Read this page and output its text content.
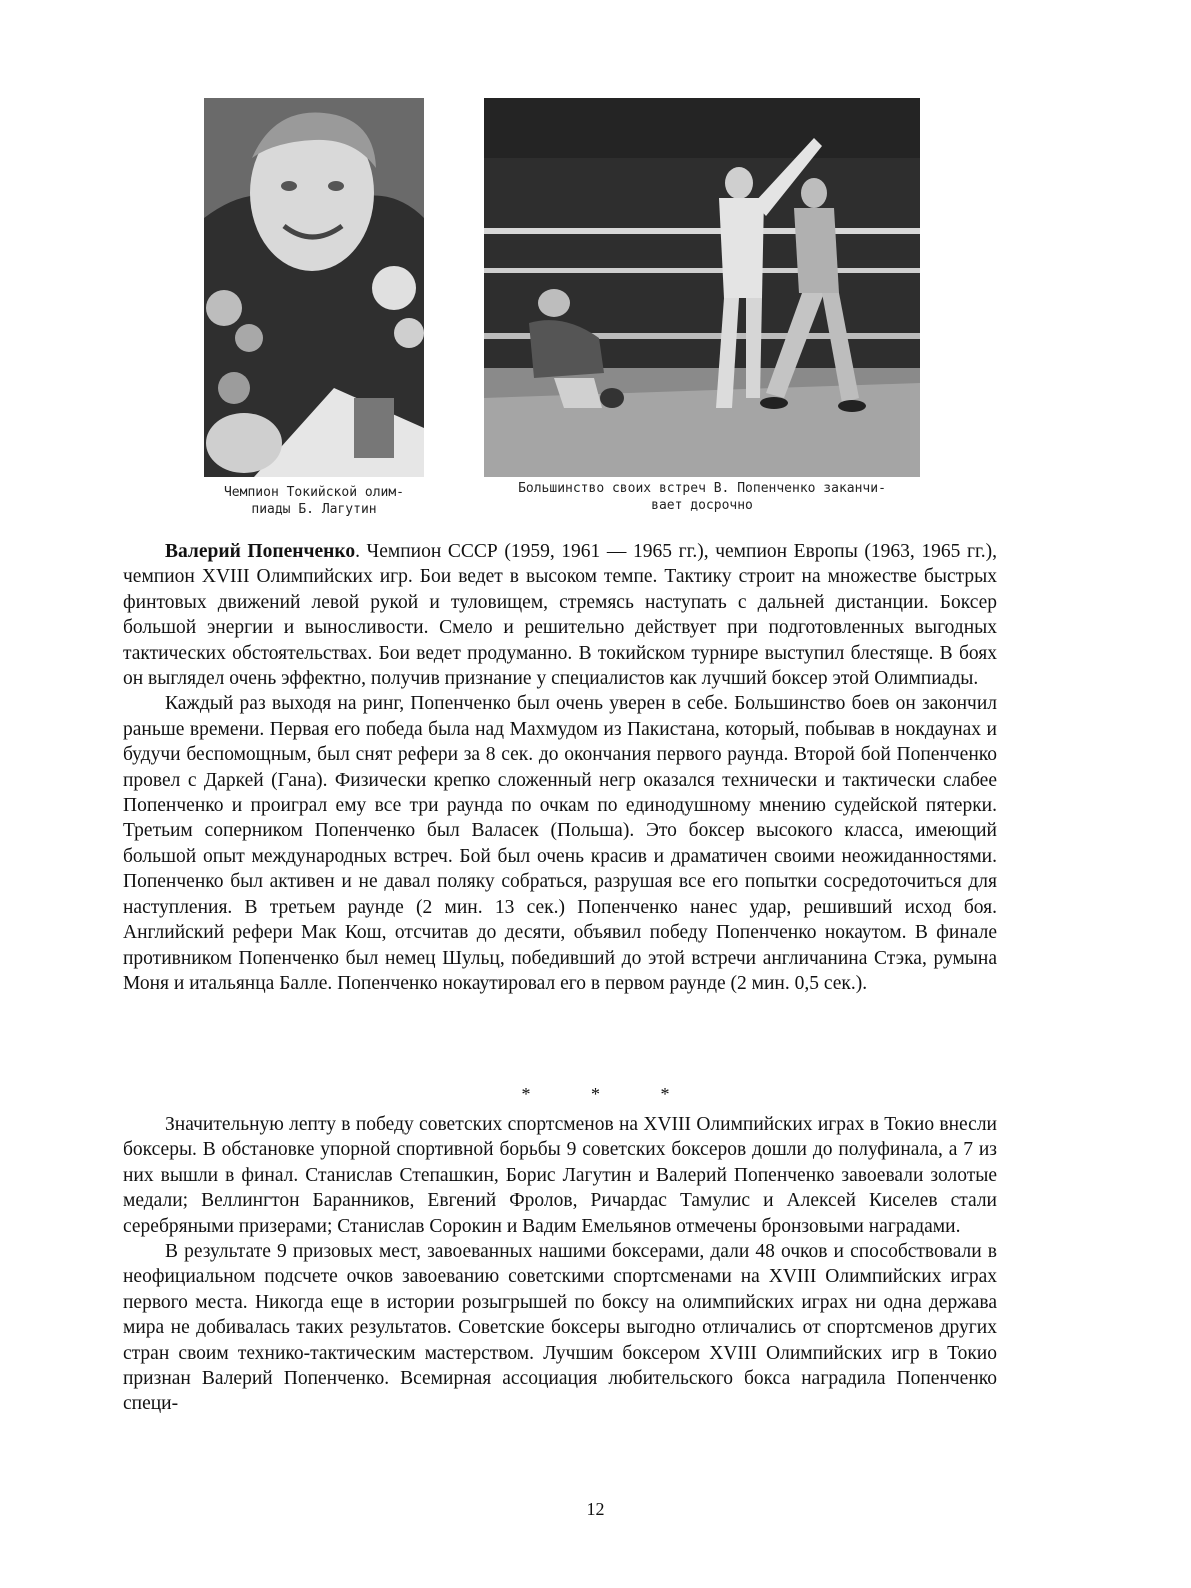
Чемпион Токийской олим-
пиады Б. Лагутин
Большинство своих встреч В. Попенченко заканчи-
вает досрочно

Валерий Попенченко. Чемпион СССР (1959, 1961 — 1965 гг.), чемпион Европы (1963, 1965 гг.), чемпион XVIII Олимпийских игр. Бои ведет в высоком темпе. Тактику строит на множестве быстрых финтовых движений левой рукой и туловищем, стремясь наступать с дальней дистанции. Боксер большой энергии и выносливости. Смело и решительно действует при подготовленных выгодных тактических обстоятельствах. Бои ведет продуманно. В токийском турнире выступил блестяще. В боях он выглядел очень эффектно, получив признание у специалистов как лучший боксер этой Олимпиады.

Каждый раз выходя на ринг, Попенченко был очень уверен в себе. Большинство боев он закончил раньше времени. Первая его победа была над Махмудом из Пакистана, который, побывав в нокдаунах и будучи беспомощным, был снят рефери за 8 сек. до окончания первого раунда. Второй бой Попенченко провел с Даркей (Гана). Физически крепко сложенный негр оказался технически и тактически слабее Попенченко и проиграл ему все три раунда по очкам по единодушному мнению судейской пятерки. Третьим соперником Попенченко был Валасек (Польша). Это боксер высокого класса, имеющий большой опыт международных встреч. Бой был очень красив и драматичен своими неожиданностями. Попенченко был активен и не давал поляку собраться, разрушая все его попытки сосредоточиться для наступления. В третьем раунде (2 мин. 13 сек.) Попенченко нанес удар, решивший исход боя. Английский рефери Мак Кош, отсчитав до десяти, объявил победу Попенченко нокаутом. В финале противником Попенченко был немец Шульц, победивший до этой встречи англичанина Стэка, румына Моня и итальянца Балле. Попенченко нокаутировал его в первом раунде (2 мин. 0,5 сек.).

* * *

Значительную лепту в победу советских спортсменов на XVIII Олимпийских играх в Токио внесли боксеры. В обстановке упорной спортивной борьбы 9 советских боксеров дошли до полуфинала, а 7 из них вышли в финал. Станислав Степашкин, Борис Лагутин и Валерий Попенченко завоевали золотые медали; Веллингтон Баранников, Евгений Фролов, Ричардас Тамулис и Алексей Киселев стали серебряными призерами; Станислав Сорокин и Вадим Емельянов отмечены бронзовыми наградами.

В результате 9 призовых мест, завоеванных нашими боксерами, дали 48 очков и способствовали в неофициальном подсчете очков завоеванию советскими спортсменами на XVIII Олимпийских играх первого места. Никогда еще в истории розыгрышей по боксу на олимпийских играх ни одна держава мира не добивалась таких результатов. Советские боксеры выгодно отличались от спортсменов других стран своим технико-тактическим мастерством. Лучшим боксером XVIII Олимпийских игр в Токио признан Валерий Попенченко. Всемирная ассоциация любительского бокса наградила Попенченко специ-

12
